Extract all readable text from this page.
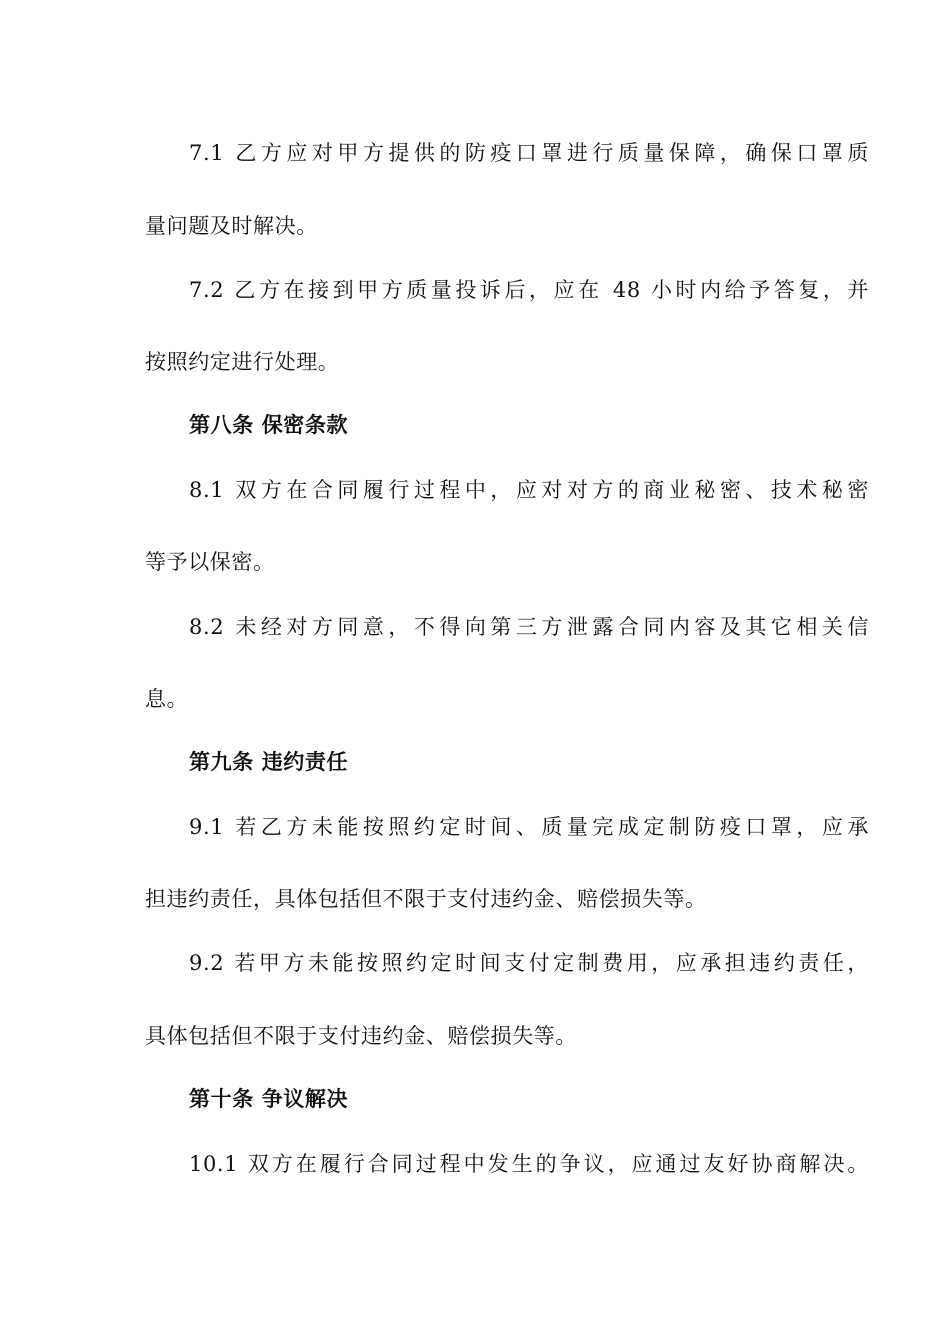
7.1 乙方应对甲方提供的防疫口罩进行质量保障，确保口罩质
量问题及时解决。
7.2 乙方在接到甲方质量投诉后，应在 48 小时内给予答复，并
按照约定进行处理。
第八条 保密条款
8.1 双方在合同履行过程中，应对对方的商业秘密、技术秘密
等予以保密。
8.2 未经对方同意，不得向第三方泄露合同内容及其它相关信
息。
第九条 违约责任
9.1 若乙方未能按照约定时间、质量完成定制防疫口罩，应承
担违约责任，具体包括但不限于支付违约金、赔偿损失等。
9.2 若甲方未能按照约定时间支付定制费用，应承担违约责任，
具体包括但不限于支付违约金、赔偿损失等。
第十条 争议解决
10.1 双方在履行合同过程中发生的争议，应通过友好协商解决。
